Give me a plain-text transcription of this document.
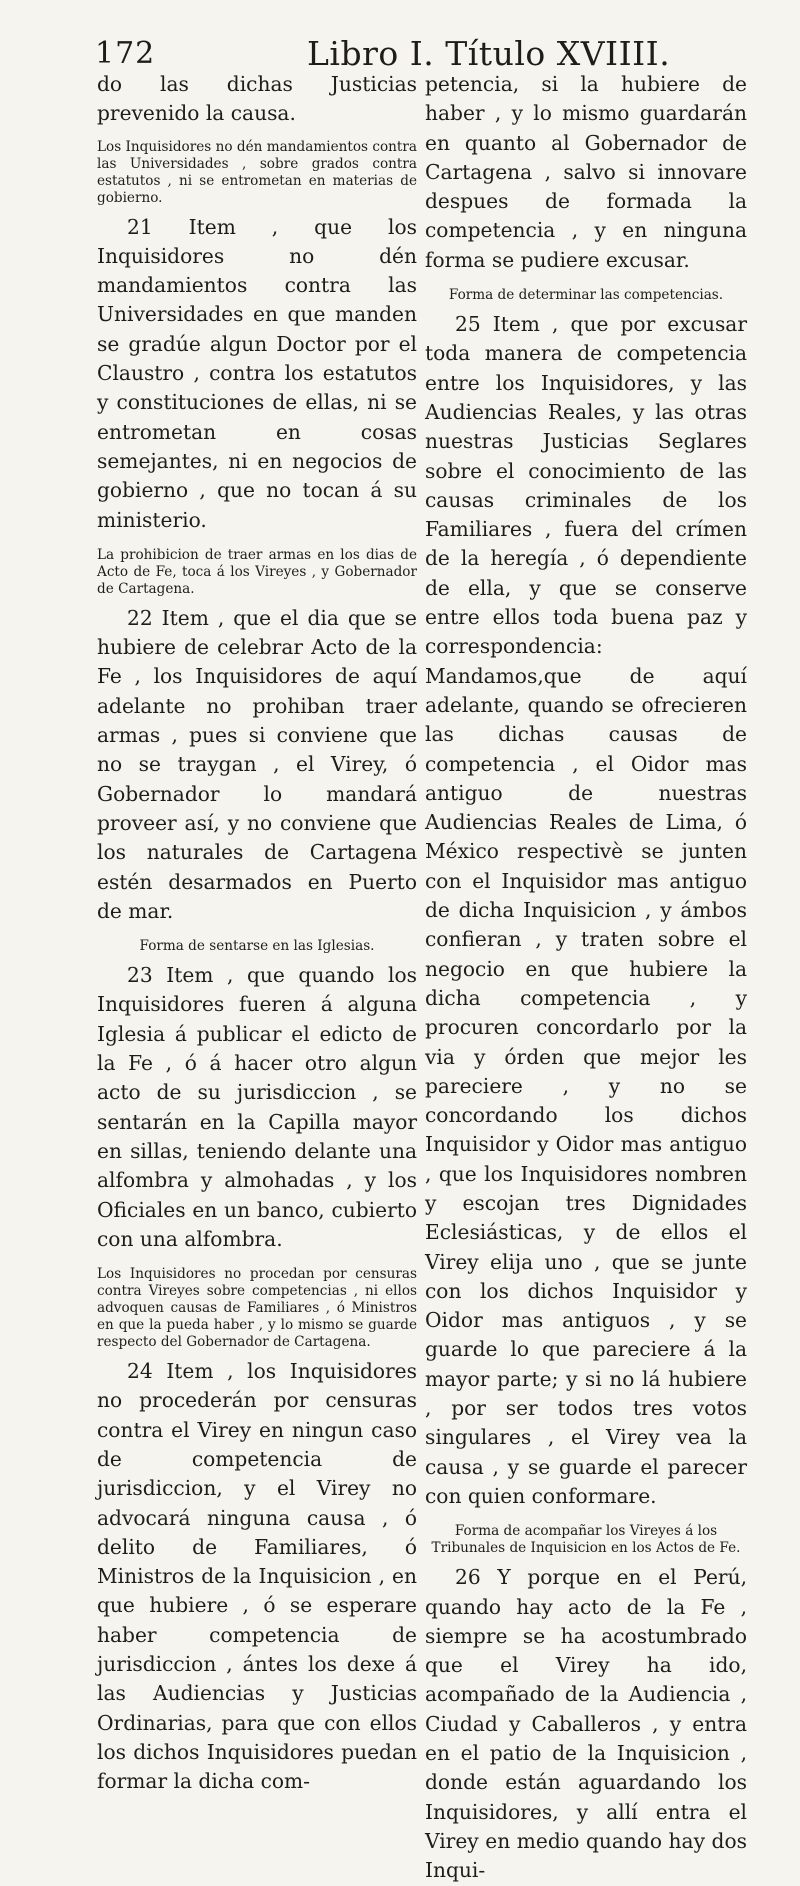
172	Libro I. Título XVIIII.

do las dichas Justicias prevenido la causa.

Los Inquisidores no dén mandamientos contra las Universidades , sobre grados contra estatutos , ni se entrometan en materias de gobierno.

21 Item , que los Inquisidores no dén mandamientos contra las Universidades en que manden se gradúe algun Doctor por el Claustro , contra los estatutos y constituciones de ellas, ni se entrometan en cosas semejantes, ni en negocios de gobierno , que no tocan á su ministerio.

La prohibicion de traer armas en los dias de Acto de Fe, toca á los Vireyes , y Gobernador de Cartagena.

22 Item , que el dia que se hubiere de celebrar Acto de la Fe , los Inquisidores de aquí adelante no prohiban traer armas , pues si conviene que no se traygan , el Virey, ó Gobernador lo mandará proveer así, y no conviene que los naturales de Cartagena estén desarmados en Puerto de mar.

Forma de sentarse en las Iglesias.

23 Item , que quando los Inquisidores fueren á alguna Iglesia á publicar el edicto de la Fe , ó á hacer otro algun acto de su jurisdiccion , se sentarán en la Capilla mayor en sillas, teniendo delante una alfombra y almohadas , y los Oficiales en un banco, cubierto con una alfombra.

Los Inquisidores no procedan por censuras contra Vireyes sobre competencias , ni ellos advoquen causas de Familiares , ó Ministros en que la pueda haber , y lo mismo se guarde respecto del Gobernador de Cartagena.

24 Item , los Inquisidores no procederán por censuras contra el Virey en ningun caso de competencia de jurisdiccion, y el Virey no advocará ninguna causa , ó delito de Familiares, ó Ministros de la Inquisicion , en que hubiere , ó se esperare haber competencia de jurisdiccion , ántes los dexe á las Audiencias y Justicias Ordinarias, para que con ellos los dichos Inquisidores puedan formar la dicha com-

petencia, si la hubiere de haber , y lo mismo guardarán en quanto al Gobernador de Cartagena , salvo si innovare despues de formada la competencia , y en ninguna forma se pudiere excusar.

Forma de determinar las competencias.

25 Item , que por excusar toda manera de competencia entre los Inquisidores, y las Audiencias Reales, y las otras nuestras Justicias Seglares sobre el conocimiento de las causas criminales de los Familiares , fuera del crímen de la heregía , ó dependiente de ella, y que se conserve entre ellos toda buena paz y correspondencia: Mandamos,que de aquí adelante, quando se ofrecieren las dichas causas de competencia , el Oidor mas antiguo de nuestras Audiencias Reales de Lima, ó México respectivè se junten con el Inquisidor mas antiguo de dicha Inquisicion , y ámbos confieran , y traten sobre el negocio en que hubiere la dicha competencia , y procuren concordarlo por la via y órden que mejor les pareciere , y no se concordando los dichos Inquisidor y Oidor mas antiguo , que los Inquisidores nombren y escojan tres Dignidades Eclesiásticas, y de ellos el Virey elija uno , que se junte con los dichos Inquisidor y Oidor mas antiguos , y se guarde lo que pareciere á la mayor parte; y si no lá hubiere , por ser todos tres votos singulares , el Virey vea la causa , y se guarde el parecer con quien conformare.

Forma de acompañar los Vireyes á los Tribunales de Inquisicion en los Actos de Fe.

26 Y porque en el Perú, quando hay acto de la Fe , siempre se ha acostumbrado que el Virey ha ido, acompañado de la Audiencia , Ciudad y Caballeros , y entra en el patio de la Inquisicion , donde están aguardando los Inquisidores, y allí entra el Virey en medio quando hay dos Inqui-
